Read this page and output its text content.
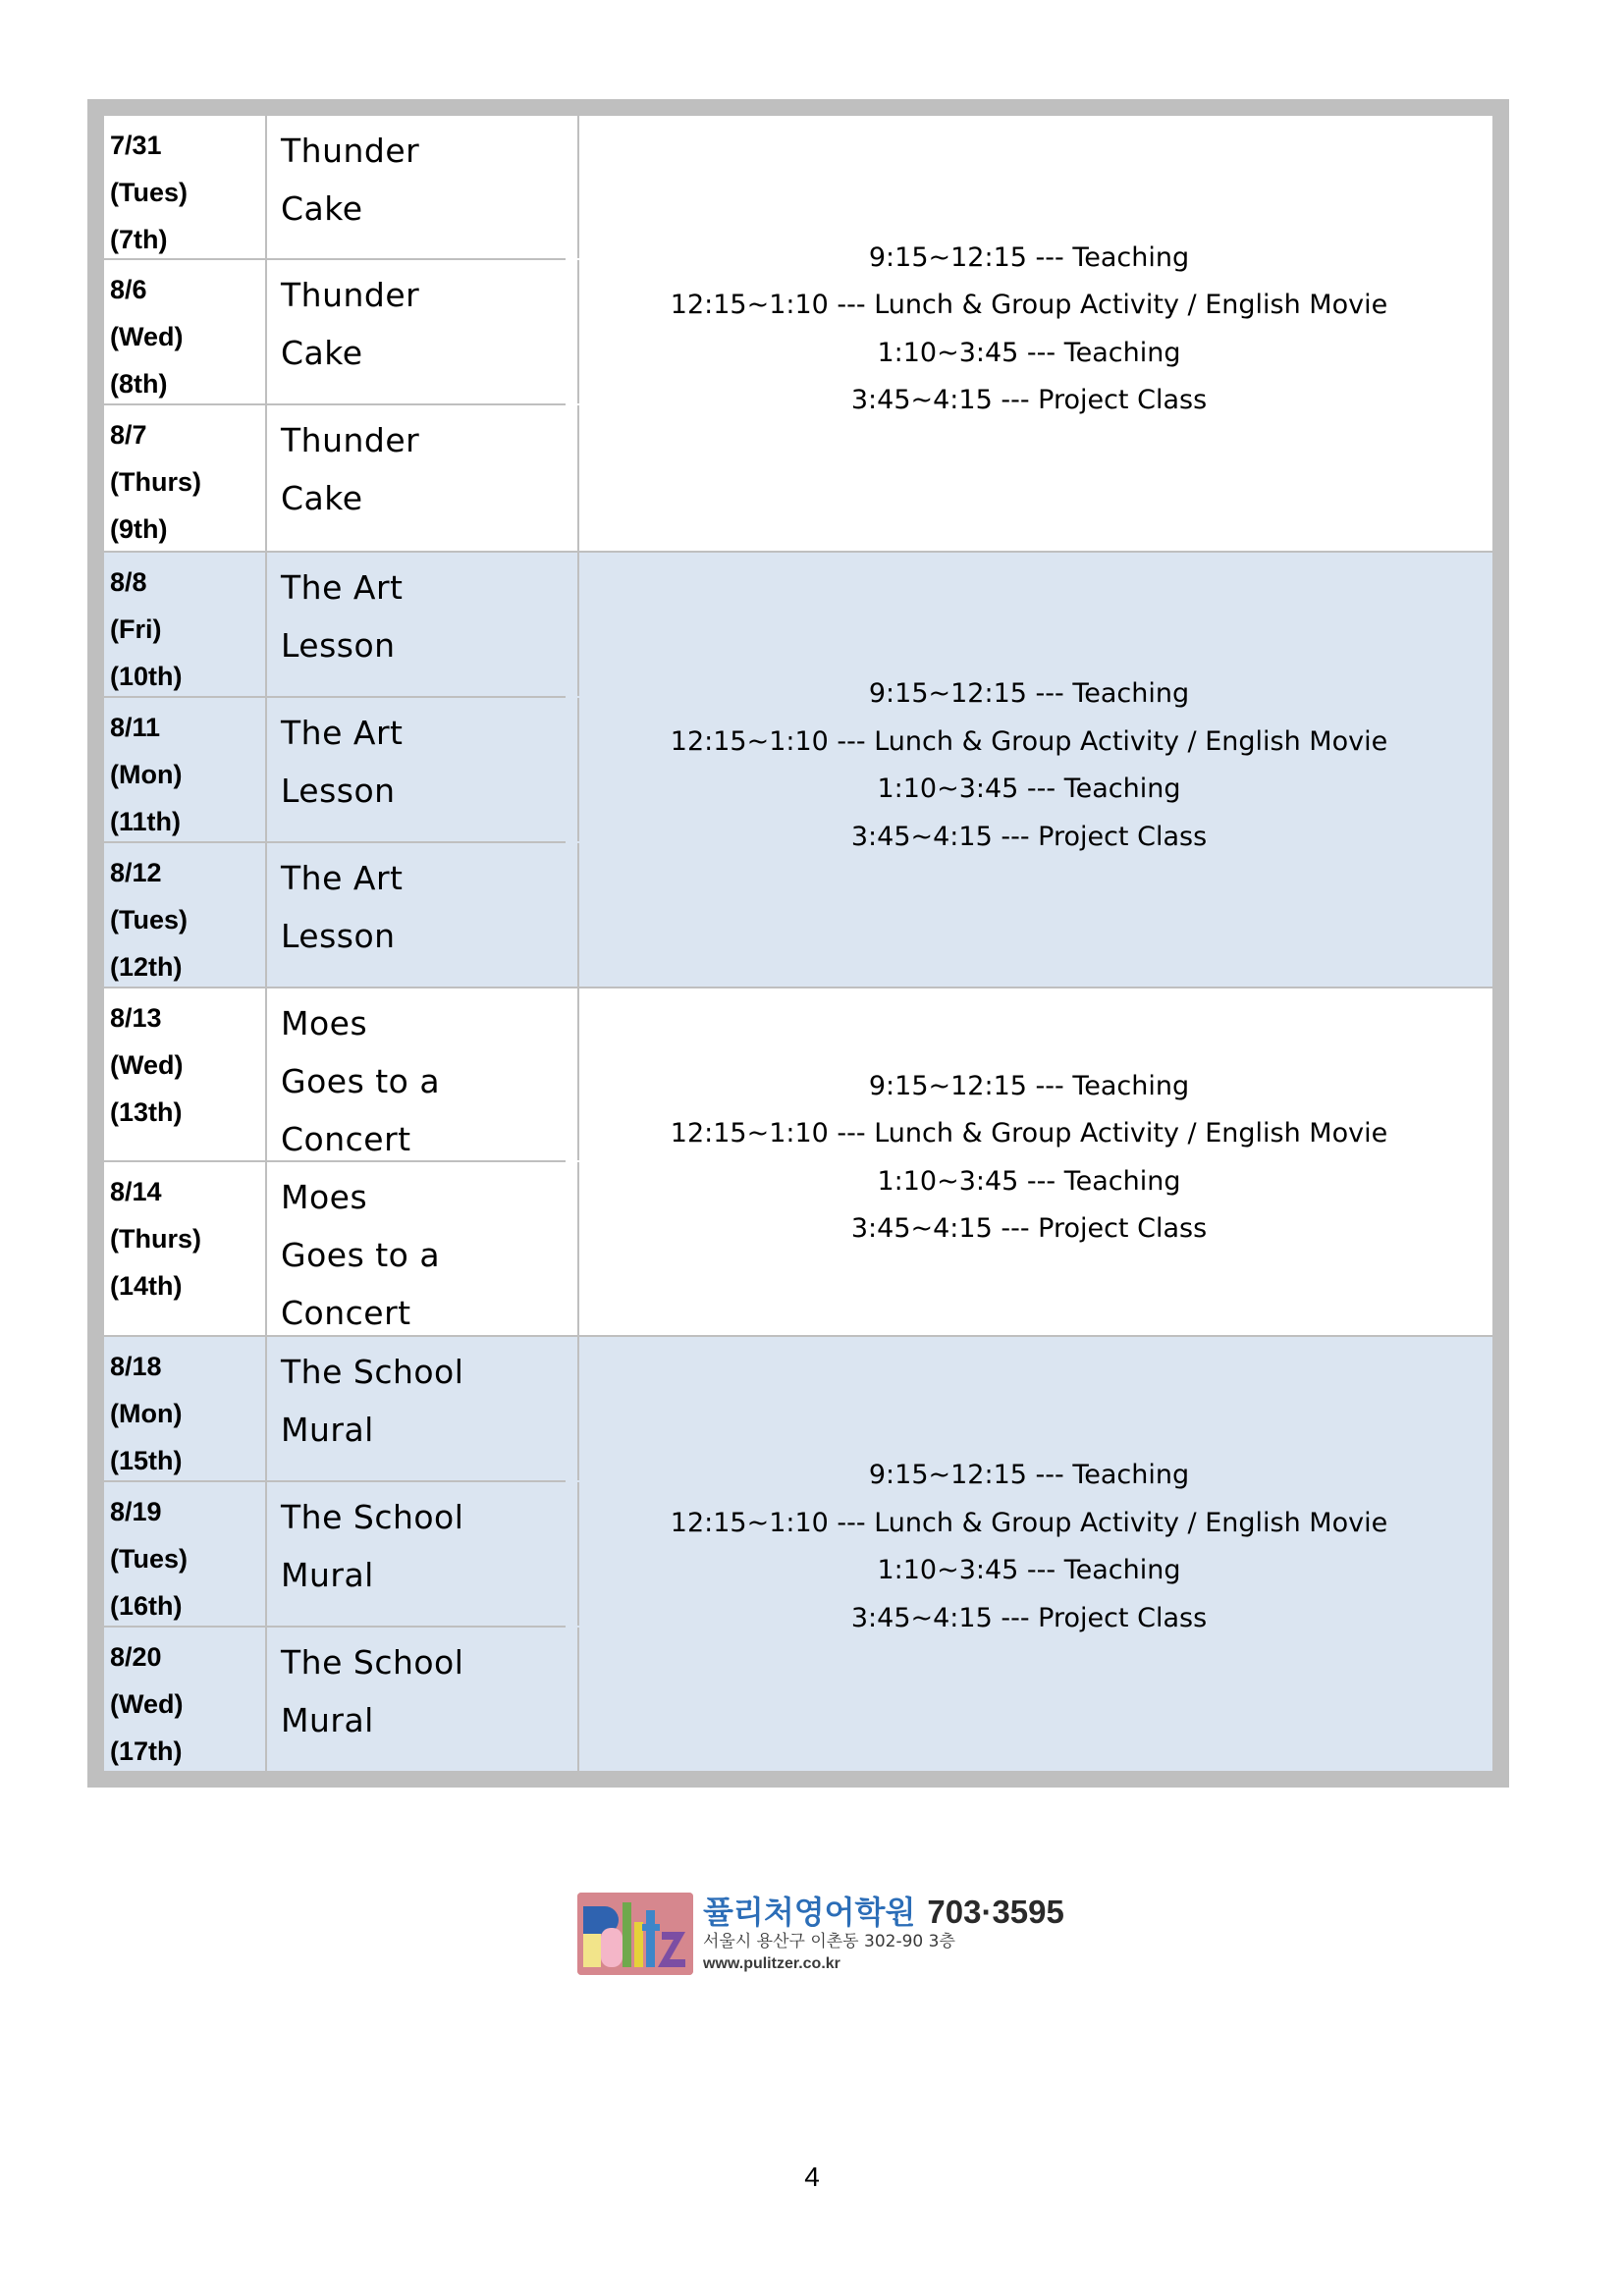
7/31
(Tues)
(7th)
Thunder
Cake
8/6
(Wed)
(8th)
Thunder
Cake
8/7
(Thurs)
(9th)
Thunder
Cake
9:15~12:15 --- Teaching
12:15~1:10 --- Lunch & Group Activity / English Movie
1:10~3:45 --- Teaching
3:45~4:15 --- Project Class
8/8
(Fri)
(10th)
The Art
Lesson
8/11
(Mon)
(11th)
The Art
Lesson
8/12
(Tues)
(12th)
The Art
Lesson
9:15~12:15 --- Teaching
12:15~1:10 --- Lunch & Group Activity / English Movie
1:10~3:45 --- Teaching
3:45~4:15 --- Project Class
8/13
(Wed)
(13th)
Moes
Goes to a
Concert
8/14
(Thurs)
(14th)
Moes
Goes to a
Concert
9:15~12:15 --- Teaching
12:15~1:10 --- Lunch & Group Activity / English Movie
1:10~3:45 --- Teaching
3:45~4:15 --- Project Class
8/18
(Mon)
(15th)
The School
Mural
8/19
(Tues)
(16th)
The School
Mural
8/20
(Wed)
(17th)
The School
Mural
9:15~12:15 --- Teaching
12:15~1:10 --- Lunch & Group Activity / English Movie
1:10~3:45 --- Teaching
3:45~4:15 --- Project Class
퓰리처영어학원 703·3595
서울시 용산구 이촌동 302-90 3층
www.pulitzer.co.kr
4
